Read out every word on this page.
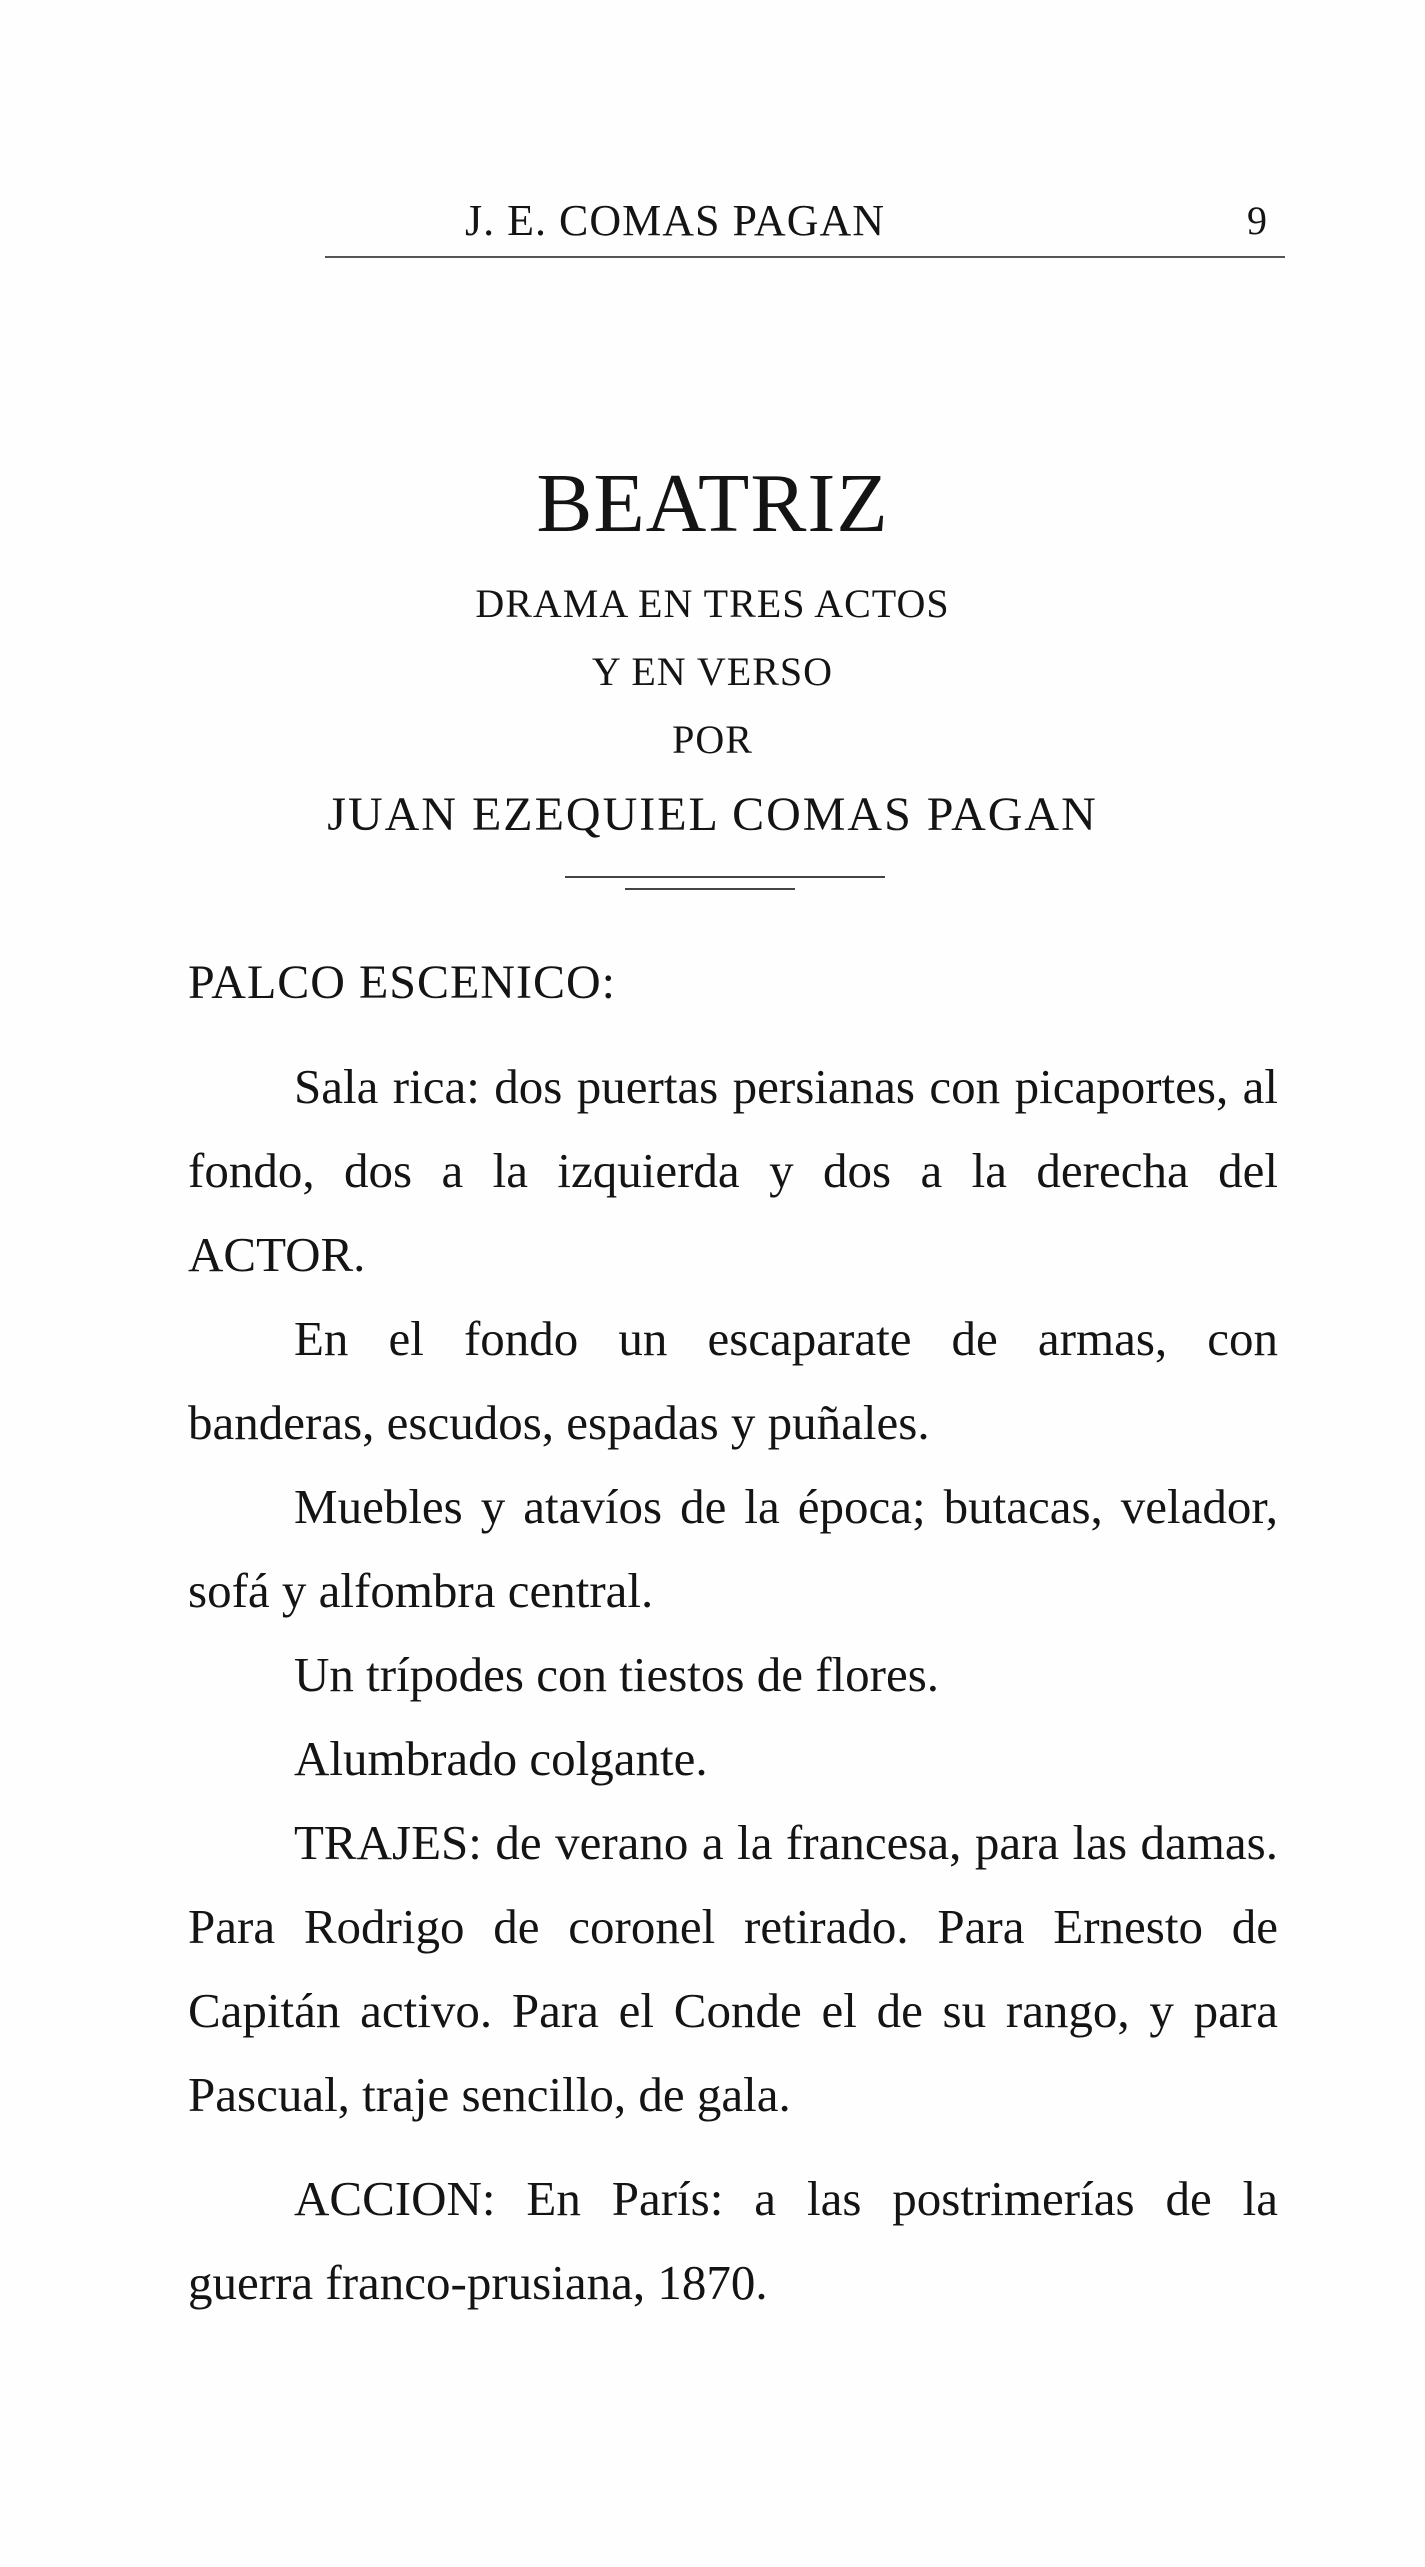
J. E. COMAS PAGAN	9
BEATRIZ
DRAMA EN TRES ACTOS
Y EN VERSO
POR
JUAN EZEQUIEL COMAS PAGAN
PALCO ESCENICO:

Sala rica: dos puertas persianas con picaportes, al fondo, dos a la izquierda y dos a la derecha del ACTOR.

En el fondo un escaparate de armas, con banderas, escudos, espadas y puñales.

Muebles y atavíos de la época; butacas, velador, sofá y alfombra central.

Un trípodes con tiestos de flores.

Alumbrado colgante.

TRAJES: de verano a la francesa, para las damas. Para Rodrigo de coronel retirado. Para Ernesto de Capitán activo. Para el Conde el de su rango, y para Pascual, traje sencillo, de gala.

ACCION: En París: a las postrimerías de la guerra franco-prusiana, 1870.
